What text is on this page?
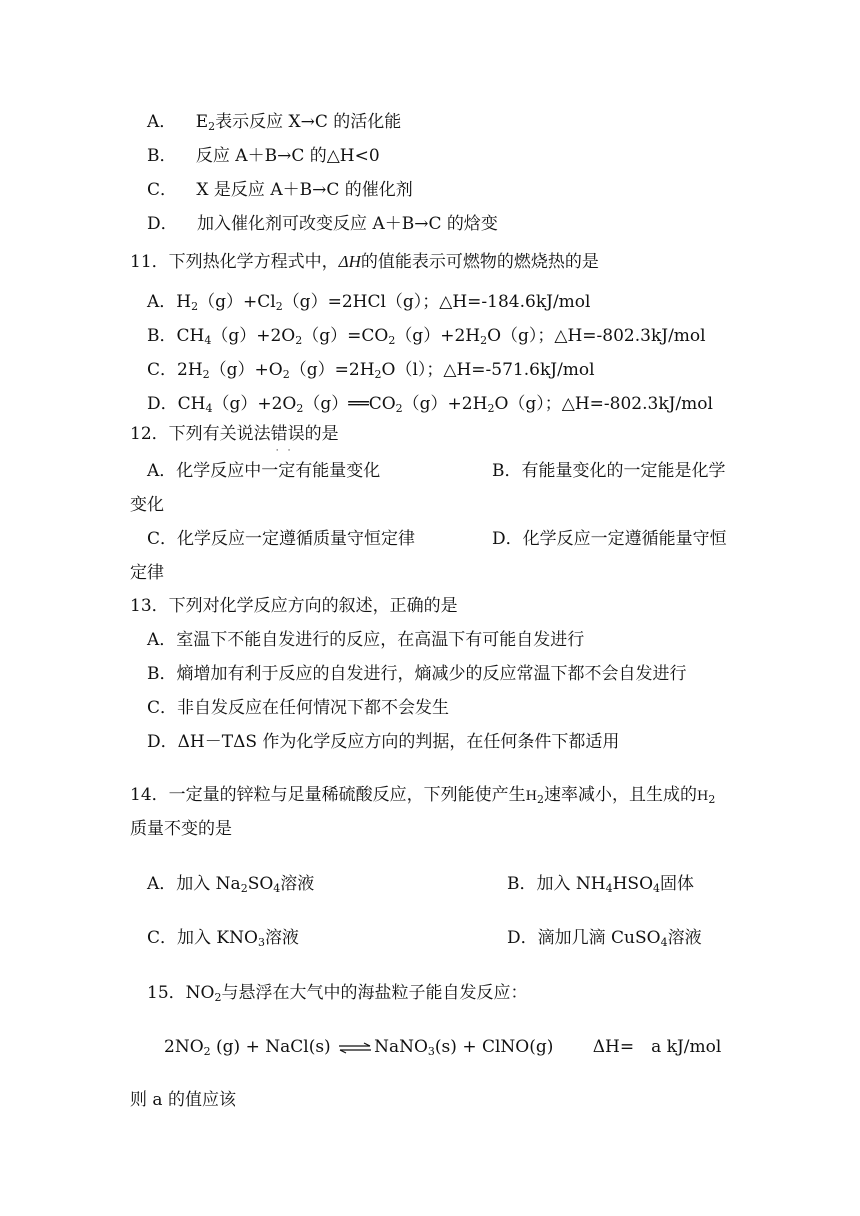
A． $E_2$表示反应 X→C 的活化能
B． 反应 A＋B→C 的△H<0
C． X 是反应 A＋B→C 的催化剂
D． 加入催化剂可改变反应 A＋B→C 的焓变
11．下列热化学方程式中，ΔH的值能表示可燃物的燃烧热的是
A．$H_2(g)+Cl_2(g)=2HCl(g)$；△H=-184.6kJ/mol
B．$CH_4(g)+2O_2(g)=CO_2(g)+2H_2O(g)$；△H=-802.3kJ/mol
C．$2H_2(g)+O_2(g)=2H_2O(l)$；△H=-571.6kJ/mol
D．$CH_4(g)+2O_2(g)══CO_2(g)+2H_2O(g)$；△H=-802.3kJ/mol
12．下列有关说法错误
··
的是
A．化学反应中一定有能量变化	B．有能量变化的一定能是化学
变化
C．化学反应一定遵循质量守恒定律	D．化学反应一定遵循能量守恒
定律
13．下列对化学反应方向的叙述，正确的是
A．室温下不能自发进行的反应，在高温下有可能自发进行
B．熵增加有利于反应的自发进行，熵减少的反应常温下都不会自发进行
C．非自发反应在任何情况下都不会发生
D．ΔH－TΔS 作为化学反应方向的判据，在任何条件下都适用
14．一定量的锌粒与足量稀硫酸反应，下列能使产生$H_2$速率减小，且生成的$H_2$
质量不变的是
A．加入 $Na_2SO_4$溶液	B．加入 $NH_4HSO_4$固体
C．加入 $KNO_3$溶液	D．滴加几滴 CuSO$_4$溶液
15．$NO_2$与悬浮在大气中的海盐粒子能自发反应：
$2NO_2$ (g) + NaCl(s) ⇌ NaNO$_3$(s) + ClNO(g) ΔH=　a kJ/mol
则 a 的值应该
